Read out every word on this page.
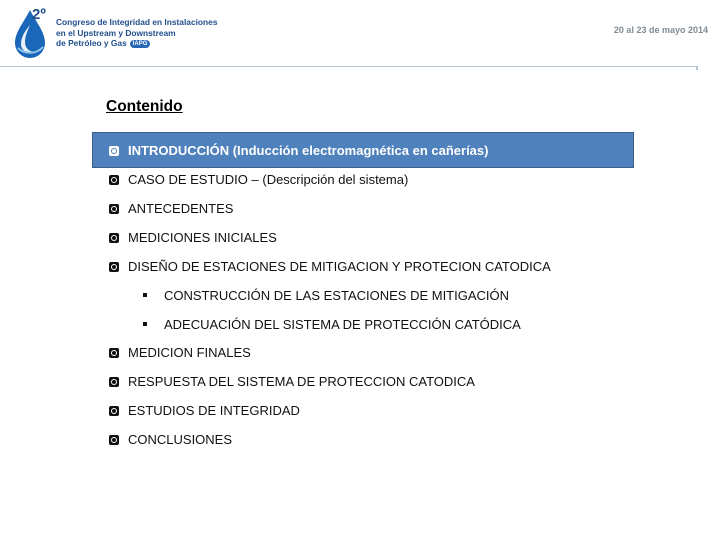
2º Congreso de Integridad en Instalaciones
en el Upstream y Downstream
de Petróleo y Gas IAPG
20 al 23 de mayo 2014
Contenido
INTRODUCCIÓN (Inducción electromagnética en cañerías)
CASO DE ESTUDIO – (Descripción del sistema)
ANTECEDENTES
MEDICIONES INICIALES
DISEÑO DE ESTACIONES DE MITIGACION Y PROTECION CATODICA
CONSTRUCCIÓN DE LAS ESTACIONES DE MITIGACIÓN
ADECUACIÓN DEL SISTEMA DE PROTECCIÓN CATÓDICA
MEDICION FINALES
RESPUESTA DEL SISTEMA DE PROTECCION CATODICA
ESTUDIOS DE INTEGRIDAD
CONCLUSIONES
